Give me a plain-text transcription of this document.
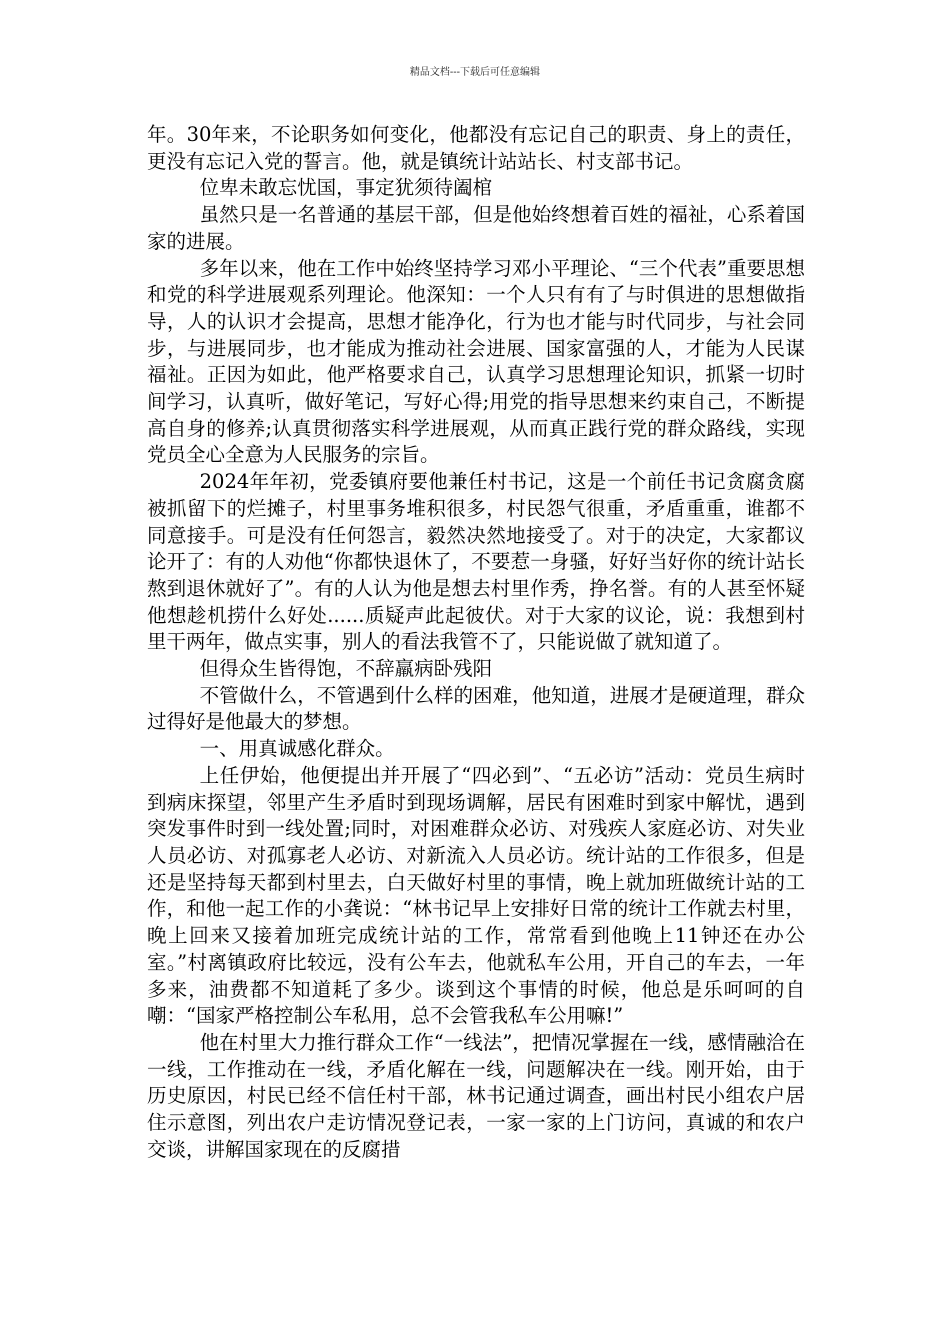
精品文档---下载后可任意编辑

年。30年来，不论职务如何变化，他都没有忘记自己的职责、身上的责任，更没有忘记入党的誓言。他，就是镇统计站站长、村支部书记。

位卑未敢忘忧国，事定犹须待阖棺

虽然只是一名普通的基层干部，但是他始终想着百姓的福祉，心系着国家的进展。

多年以来，他在工作中始终坚持学习邓小平理论、“三个代表”重要思想和党的科学进展观系列理论。他深知：一个人只有有了与时俱进的思想做指导，人的认识才会提高，思想才能净化，行为也才能与时代同步，与社会同步，与进展同步，也才能成为推动社会进展、国家富强的人，才能为人民谋福祉。正因为如此，他严格要求自己，认真学习思想理论知识，抓紧一切时间学习，认真听，做好笔记，写好心得;用党的指导思想来约束自己，不断提高自身的修养;认真贯彻落实科学进展观，从而真正践行党的群众路线，实现党员全心全意为人民服务的宗旨。

2024年年初，党委镇府要他兼任村书记，这是一个前任书记贪腐贪腐被抓留下的烂摊子，村里事务堆积很多，村民怨气很重，矛盾重重，谁都不同意接手。可是没有任何怨言，毅然决然地接受了。对于的决定，大家都议论开了：有的人劝他“你都快退休了，不要惹一身骚，好好当好你的统计站长熬到退休就好了”。有的人认为他是想去村里作秀，挣名誉。有的人甚至怀疑他想趁机捞什么好处......质疑声此起彼伏。对于大家的议论，说：我想到村里干两年，做点实事，别人的看法我管不了，只能说做了就知道了。

但得众生皆得饱，不辞羸病卧残阳

不管做什么，不管遇到什么样的困难，他知道，进展才是硬道理，群众过得好是他最大的梦想。

一、用真诚感化群众。

上任伊始，他便提出并开展了“四必到”、“五必访”活动：党员生病时到病床探望，邻里产生矛盾时到现场调解，居民有困难时到家中解忧，遇到突发事件时到一线处置;同时，对困难群众必访、对残疾人家庭必访、对失业人员必访、对孤寡老人必访、对新流入人员必访。统计站的工作很多，但是还是坚持每天都到村里去，白天做好村里的事情，晚上就加班做统计站的工作，和他一起工作的小龚说：“林书记早上安排好日常的统计工作就去村里，晚上回来又接着加班完成统计站的工作，常常看到他晚上11钟还在办公室。”村离镇政府比较远，没有公车去，他就私车公用，开自己的车去，一年多来，油费都不知道耗了多少。谈到这个事情的时候，他总是乐呵呵的自嘲：“国家严格控制公车私用，总不会管我私车公用嘛!”

他在村里大力推行群众工作“一线法”，把情况掌握在一线，感情融洽在一线，工作推动在一线，矛盾化解在一线，问题解决在一线。刚开始，由于历史原因，村民已经不信任村干部，林书记通过调查，画出村民小组农户居住示意图，列出农户走访情况登记表，一家一家的上门访问，真诚的和农户交谈，讲解国家现在的反腐措
